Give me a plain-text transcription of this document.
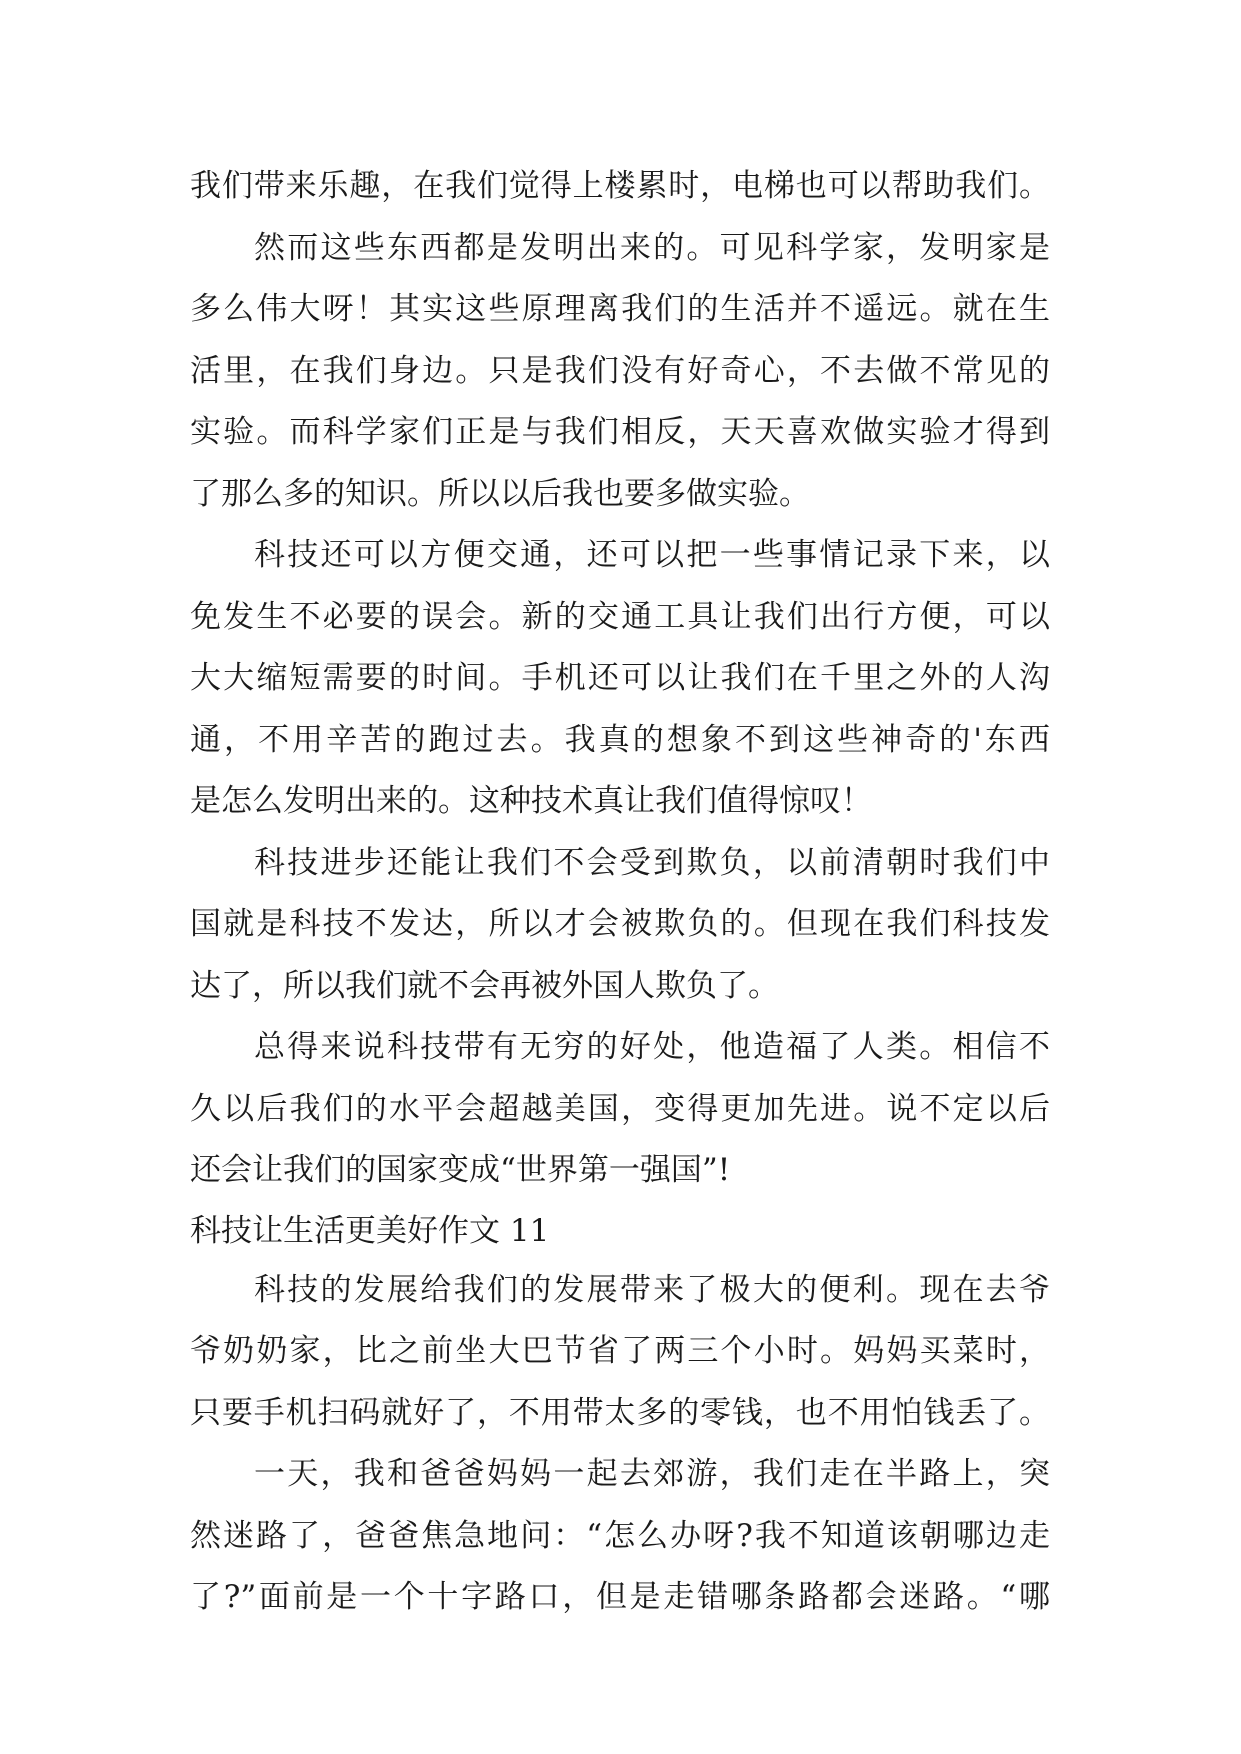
我们带来乐趣，在我们觉得上楼累时，电梯也可以帮助我们。
然而这些东西都是发明出来的。可见科学家，发明家是
多么伟大呀！其实这些原理离我们的生活并不遥远。就在生
活里，在我们身边。只是我们没有好奇心，不去做不常见的
实验。而科学家们正是与我们相反，天天喜欢做实验才得到
了那么多的知识。所以以后我也要多做实验。
科技还可以方便交通，还可以把一些事情记录下来，以
免发生不必要的误会。新的交通工具让我们出行方便，可以
大大缩短需要的时间。手机还可以让我们在千里之外的人沟
通，不用辛苦的跑过去。我真的想象不到这些神奇的'东西
是怎么发明出来的。这种技术真让我们值得惊叹！
科技进步还能让我们不会受到欺负，以前清朝时我们中
国就是科技不发达，所以才会被欺负的。但现在我们科技发
达了，所以我们就不会再被外国人欺负了。
总得来说科技带有无穷的好处，他造福了人类。相信不
久以后我们的水平会超越美国，变得更加先进。说不定以后
还会让我们的国家变成“世界第一强国”!
科技让生活更美好作文 11
科技的发展给我们的发展带来了极大的便利。现在去爷
爷奶奶家，比之前坐大巴节省了两三个小时。妈妈买菜时，
只要手机扫码就好了，不用带太多的零钱，也不用怕钱丢了。
一天，我和爸爸妈妈一起去郊游，我们走在半路上，突
然迷路了，爸爸焦急地问：“怎么办呀?我不知道该朝哪边走
了?”面前是一个十字路口，但是走错哪条路都会迷路。“哪
